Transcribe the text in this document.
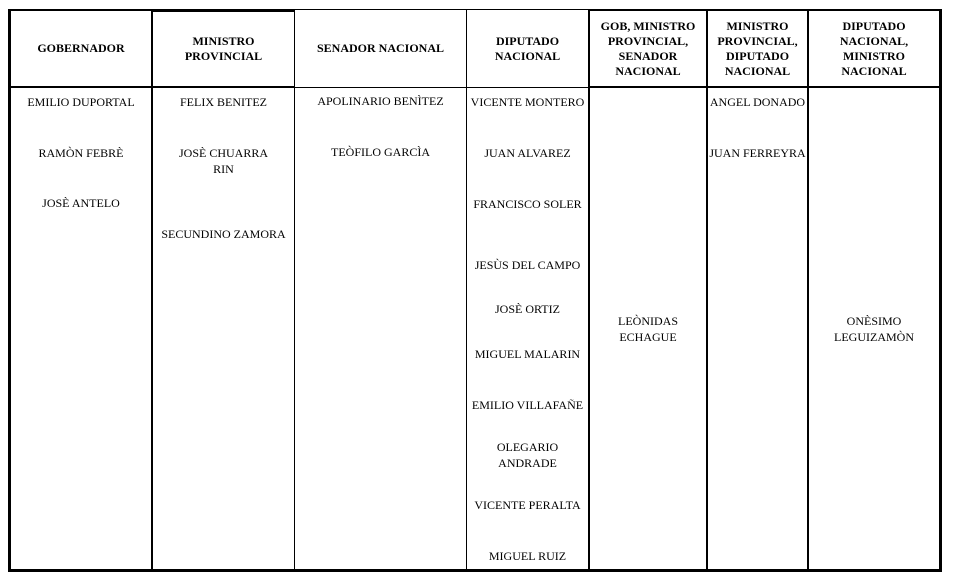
GOBERNADOR
EMILIO DUPORTAL
RAMÒN FEBRÈ
JOSÈ ANTELO
MINISTRO PROVINCIAL
FELIX BENITEZ
JOSÈ CHUARRA RIN
SECUNDINO ZAMORA
SENADOR NACIONAL
APOLINARIO BENÌTEZ
TEÒFILO GARCÌA
DIPUTADO NACIONAL
VICENTE MONTERO
JUAN ALVAREZ
FRANCISCO SOLER
JESÙS DEL CAMPO
JOSÈ ORTIZ
MIGUEL MALARIN
EMILIO VILLAFAÑE
OLEGARIO ANDRADE
VICENTE PERALTA
MIGUEL RUIZ
GOB, MINISTRO PROVINCIAL, SENADOR NACIONAL
LEÒNIDAS ECHAGUE
MINISTRO PROVINCIAL, DIPUTADO NACIONAL
ANGEL DONADO
JUAN FERREYRA
DIPUTADO NACIONAL, MINISTRO NACIONAL
ONÈSIMO LEGUIZAMÒN
